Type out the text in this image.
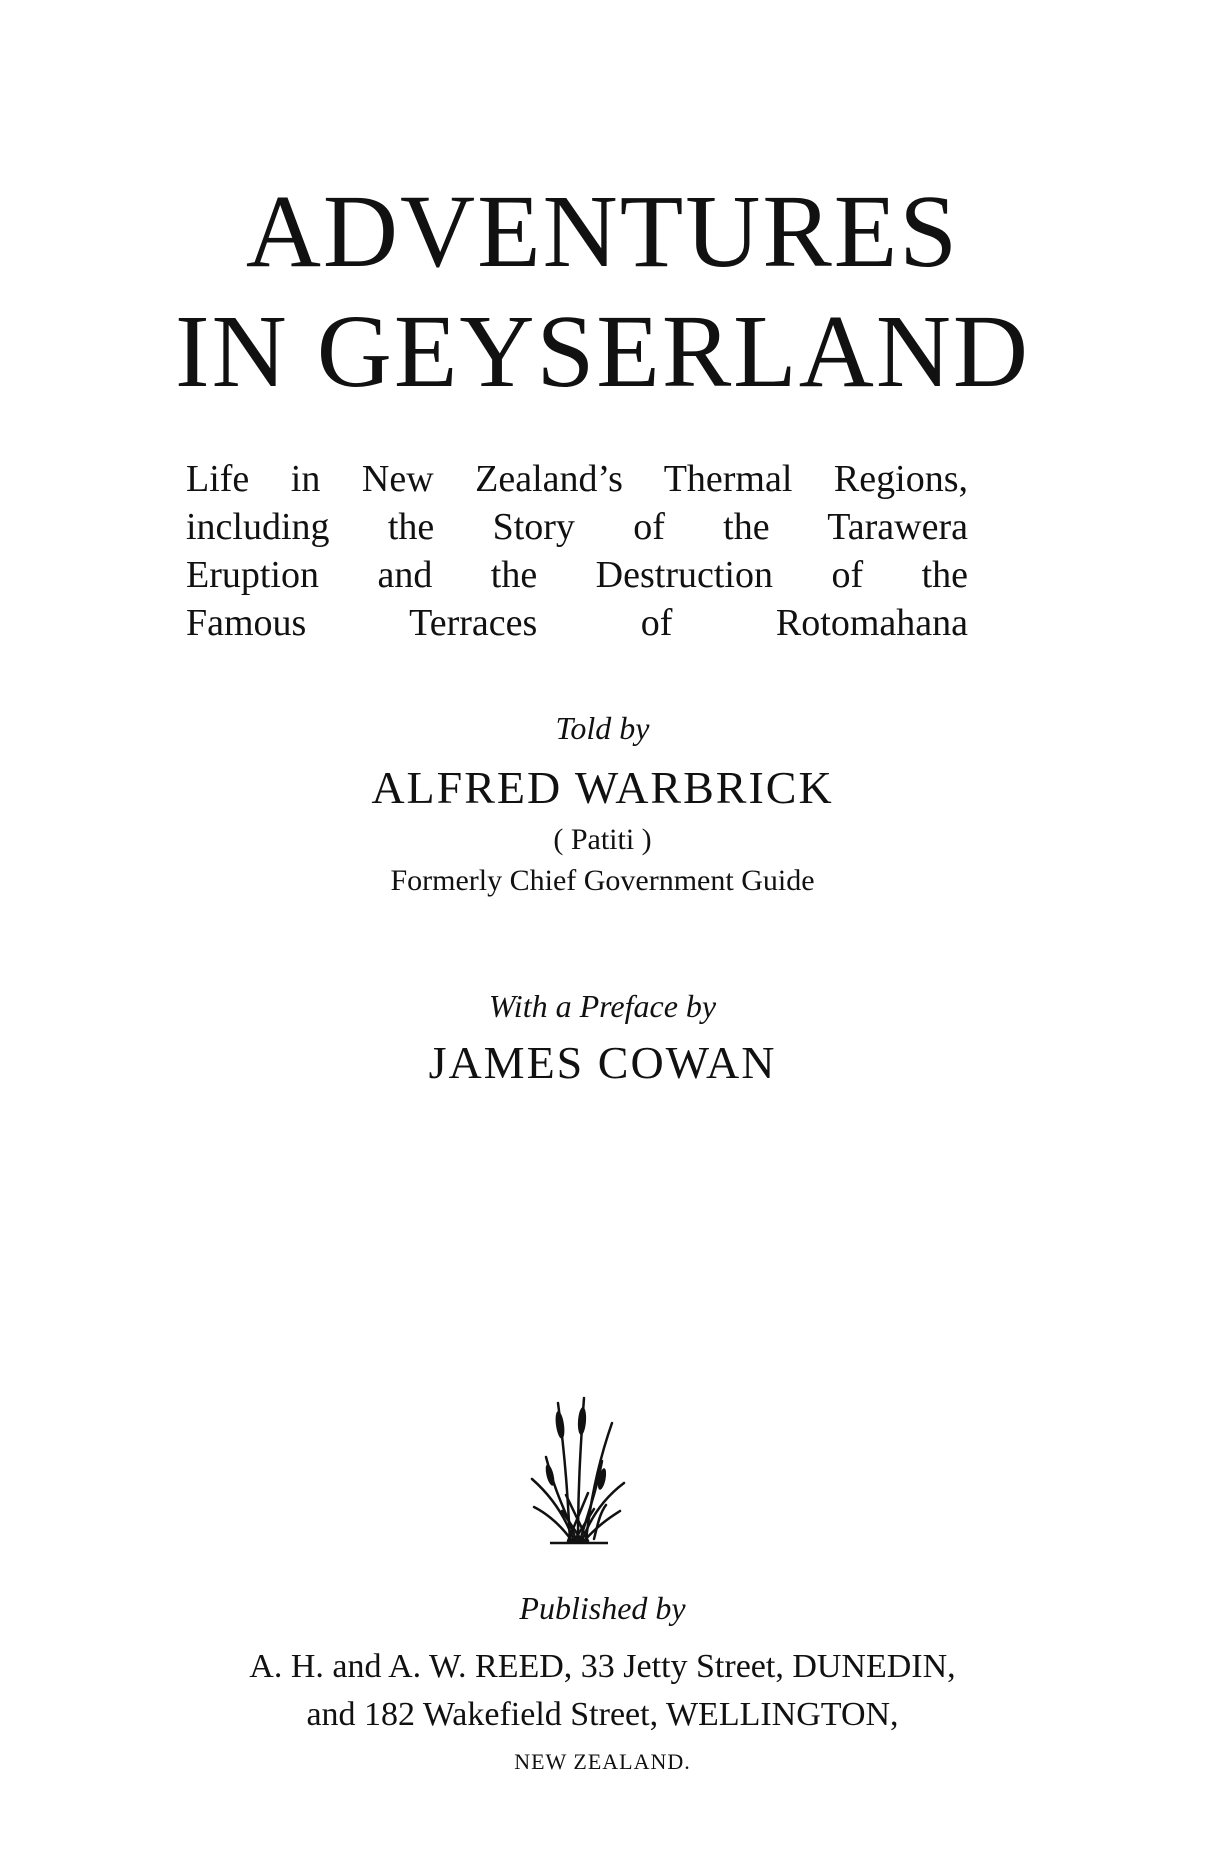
ADVENTURES
IN GEYSERLAND
Life in New Zealand’s Thermal Regions,
including the Story of the Tarawera
Eruption and the Destruction of the
Famous Terraces of Rotomahana
Told by
ALFRED WARBRICK
( Patiti )
Formerly Chief Government Guide
With a Preface by
JAMES COWAN
Published by
A. H. and A. W. REED, 33 Jetty Street, DUNEDIN,
and 182 Wakefield Street, WELLINGTON,
NEW ZEALAND.
